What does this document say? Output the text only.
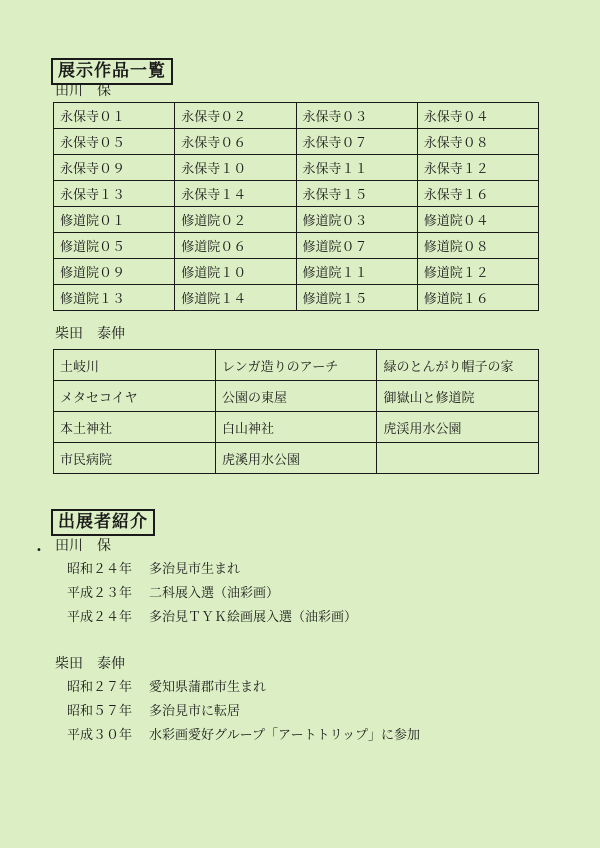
展示作品一覧
田川　保
永保寺０１	永保寺０２	永保寺０３	永保寺０４
永保寺０５	永保寺０６	永保寺０７	永保寺０８
永保寺０９	永保寺１０	永保寺１１	永保寺１２
永保寺１３	永保寺１４	永保寺１５	永保寺１６
修道院０１	修道院０２	修道院０３	修道院０４
修道院０５	修道院０６	修道院０７	修道院０８
修道院０９	修道院１０	修道院１１	修道院１２
修道院１３	修道院１４	修道院１５	修道院１６
柴田　泰伸
土岐川	レンガ造りのアーチ	緑のとんがり帽子の家
メタセコイヤ	公園の東屋	御嶽山と修道院
本土神社	白山神社	虎渓用水公園
市民病院	虎溪用水公園	
出展者紹介
• 田川　保
昭和２４年 多治見市生まれ
平成２３年 二科展入選（油彩画）
平成２４年 多治見ＴＹＫ絵画展入選（油彩画）
柴田　泰伸
昭和２７年 愛知県蒲郡市生まれ
昭和５７年 多治見市に転居
平成３０年 水彩画愛好グループ「アートトリップ」に参加
